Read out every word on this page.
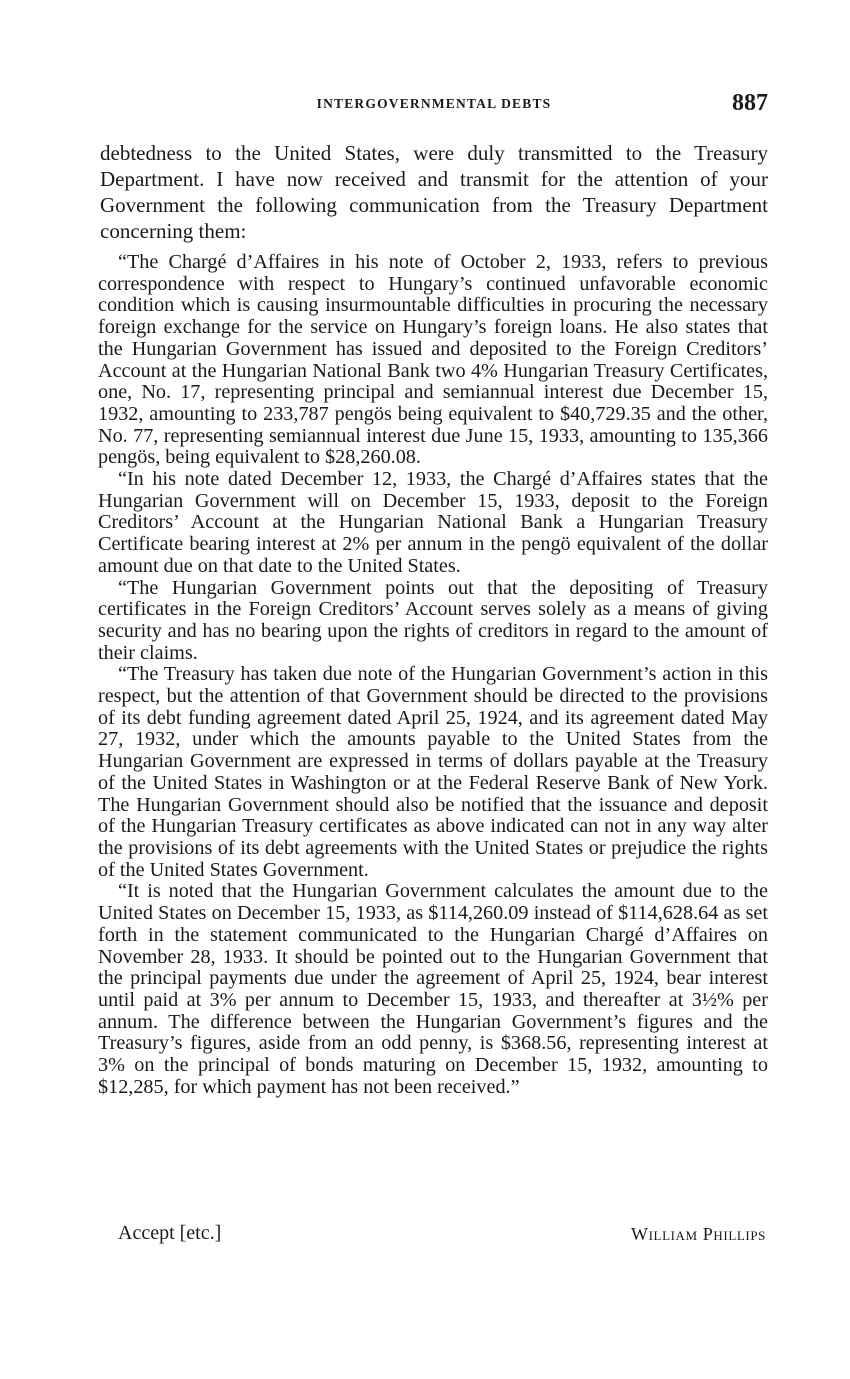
INTERGOVERNMENTAL DEBTS	887

debtedness to the United States, were duly transmitted to the Treasury Department. I have now received and transmit for the attention of your Government the following communication from the Treasury Department concerning them:

“The Chargé d’Affaires in his note of October 2, 1933, refers to previous correspondence with respect to Hungary’s continued unfavorable economic condition which is causing insurmountable difficulties in procuring the necessary foreign exchange for the service on Hungary’s foreign loans. He also states that the Hungarian Government has issued and deposited to the Foreign Creditors’ Account at the Hungarian National Bank two 4% Hungarian Treasury Certificates, one, No. 17, representing principal and semiannual interest due December 15, 1932, amounting to 233,787 pengös being equivalent to $40,729.35 and the other, No. 77, representing semiannual interest due June 15, 1933, amounting to 135,366 pengös, being equivalent to $28,260.08.

“In his note dated December 12, 1933, the Chargé d’Affaires states that the Hungarian Government will on December 15, 1933, deposit to the Foreign Creditors’ Account at the Hungarian National Bank a Hungarian Treasury Certificate bearing interest at 2% per annum in the pengö equivalent of the dollar amount due on that date to the United States.

“The Hungarian Government points out that the depositing of Treasury certificates in the Foreign Creditors’ Account serves solely as a means of giving security and has no bearing upon the rights of creditors in regard to the amount of their claims.

“The Treasury has taken due note of the Hungarian Government’s action in this respect, but the attention of that Government should be directed to the provisions of its debt funding agreement dated April 25, 1924, and its agreement dated May 27, 1932, under which the amounts payable to the United States from the Hungarian Government are expressed in terms of dollars payable at the Treasury of the United States in Washington or at the Federal Reserve Bank of New York. The Hungarian Government should also be notified that the issuance and deposit of the Hungarian Treasury certificates as above indicated can not in any way alter the provisions of its debt agreements with the United States or prejudice the rights of the United States Government.

“It is noted that the Hungarian Government calculates the amount due to the United States on December 15, 1933, as $114,260.09 instead of $114,628.64 as set forth in the statement communicated to the Hungarian Chargé d’Affaires on November 28, 1933. It should be pointed out to the Hungarian Government that the principal payments due under the agreement of April 25, 1924, bear interest until paid at 3% per annum to December 15, 1933, and thereafter at 3½% per annum. The difference between the Hungarian Government’s figures and the Treasury’s figures, aside from an odd penny, is $368.56, representing interest at 3% on the principal of bonds maturing on December 15, 1932, amounting to $12,285, for which payment has not been received.”

Accept [etc.]	William Phillips
